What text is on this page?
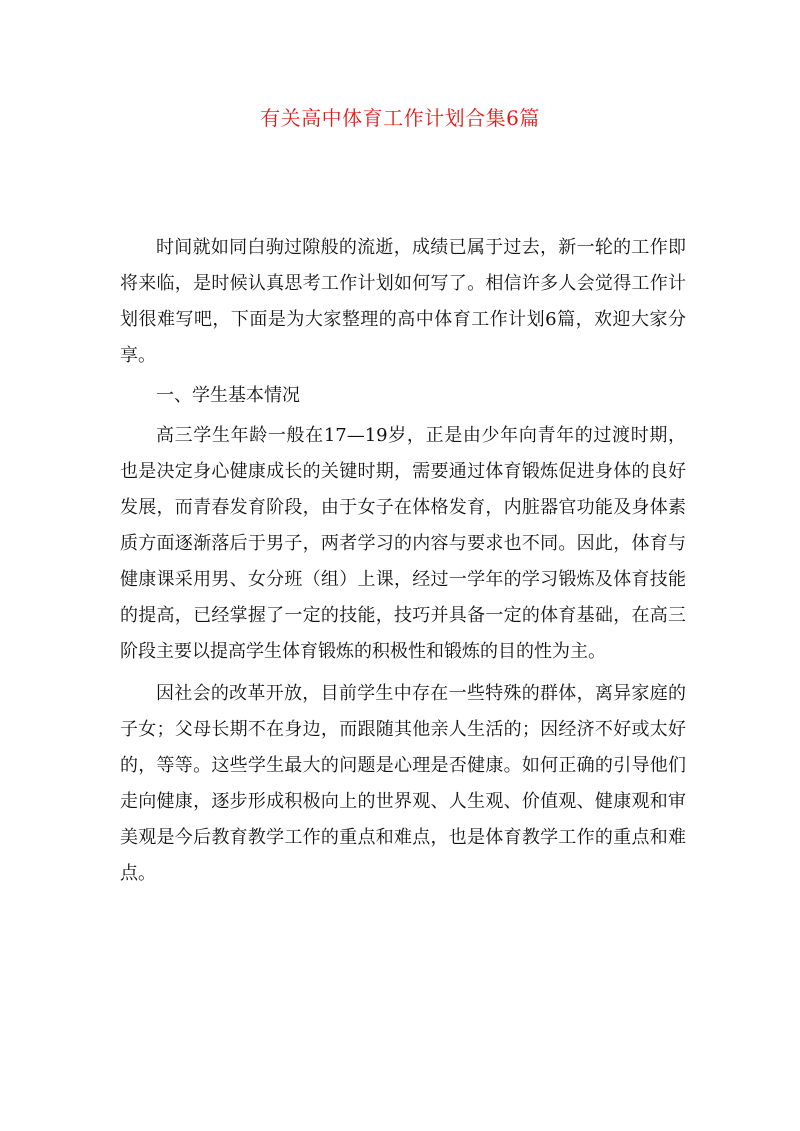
有关高中体育工作计划合集6篇

时间就如同白驹过隙般的流逝，成绩已属于过去，新一轮的工作即将来临，是时候认真思考工作计划如何写了。相信许多人会觉得工作计划很难写吧，下面是为大家整理的高中体育工作计划6篇，欢迎大家分享。

一、学生基本情况

高三学生年龄一般在17—19岁，正是由少年向青年的过渡时期，也是决定身心健康成长的关键时期，需要通过体育锻炼促进身体的良好发展，而青春发育阶段，由于女子在体格发育，内脏器官功能及身体素质方面逐渐落后于男子，两者学习的内容与要求也不同。因此，体育与健康课采用男、女分班（组）上课，经过一学年的学习锻炼及体育技能的提高，已经掌握了一定的技能，技巧并具备一定的体育基础，在高三阶段主要以提高学生体育锻炼的积极性和锻炼的目的性为主。

因社会的改革开放，目前学生中存在一些特殊的群体，离异家庭的子女；父母长期不在身边，而跟随其他亲人生活的；因经济不好或太好的，等等。这些学生最大的问题是心理是否健康。如何正确的引导他们走向健康，逐步形成积极向上的世界观、人生观、价值观、健康观和审美观是今后教育教学工作的重点和难点，也是体育教学工作的重点和难点。
